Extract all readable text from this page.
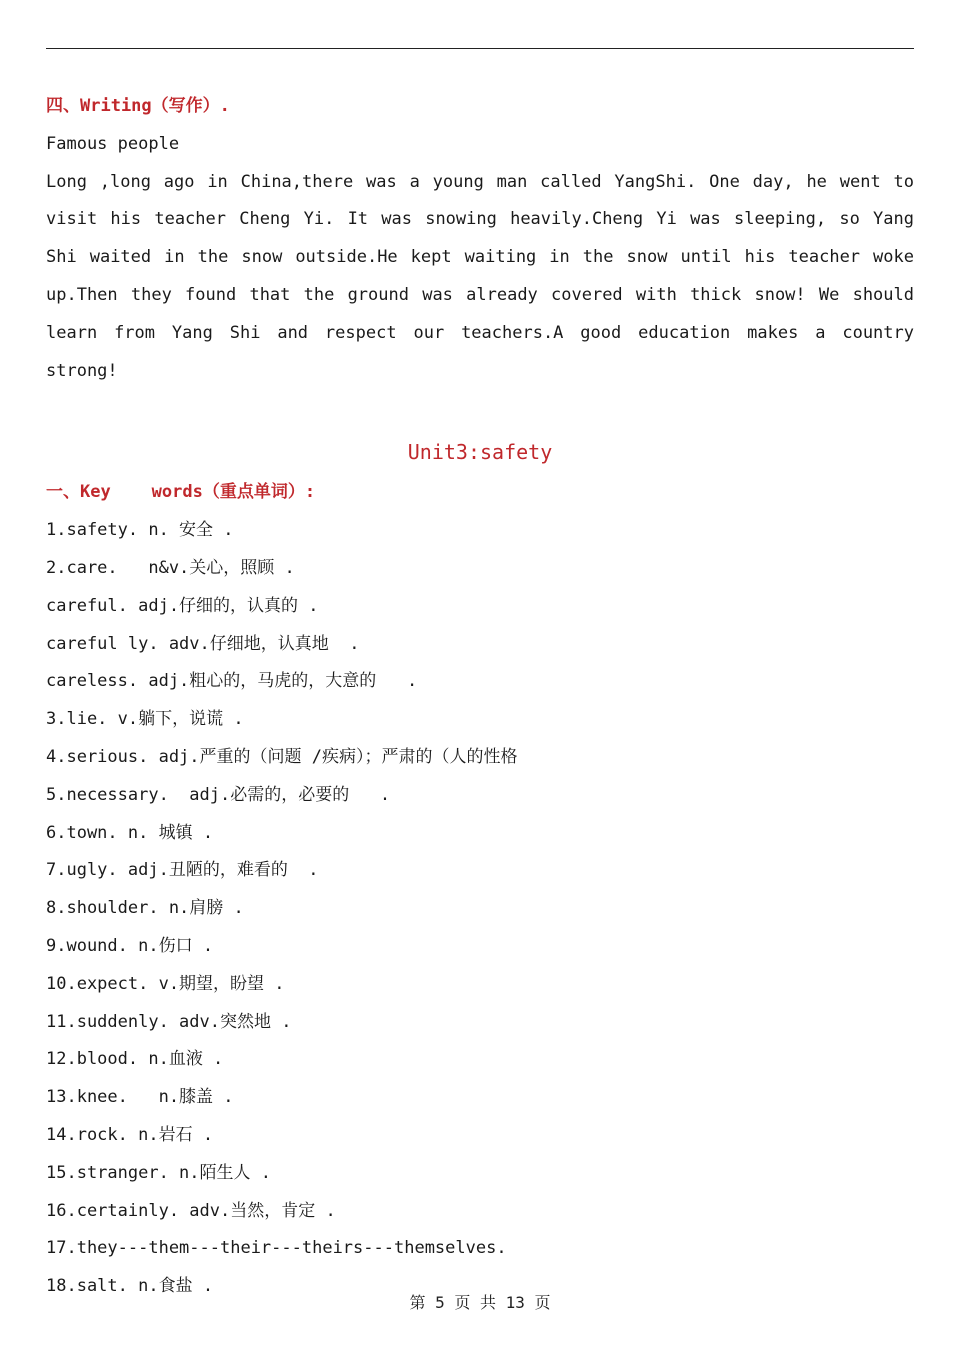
四、Writing（写作）.
Famous people
Long ,long ago in China,there was a young man called YangShi. One day, he went to visit his teacher Cheng Yi. It was snowing heavily.Cheng Yi was sleeping, so Yang Shi waited in the snow outside.He kept waiting in the snow until his teacher woke up.Then they found that the ground was already covered with thick snow! We should learn from Yang Shi and respect our teachers.A good education makes a country strong!
Unit3:safety
一、Key    words（重点单词）:
1.safety. n. 安全 .
2.care.   n&v.关心，照顾 .
careful. adj.仔细的，认真的 .
careful ly. adv.仔细地，认真地  .
careless. adj.粗心的，马虎的，大意的   .
3.lie. v.躺下，说谎 .
4.serious. adj.严重的（问题 /疾病）；严肃的（人的性格
5.necessary.  adj.必需的，必要的   .
6.town. n. 城镇 .
7.ugly. adj.丑陋的，难看的  .
8.shoulder. n.肩膀 .
9.wound. n.伤口 .
10.expect. v.期望，盼望 .
11.suddenly. adv.突然地 .
12.blood. n.血液 .
13.knee.   n.膝盖 .
14.rock. n.岩石 .
15.stranger. n.陌生人 .
16.certainly. adv.当然，肯定 .
17.they---them---their---theirs---themselves.
18.salt. n.食盐 .
第 5 页 共 13 页
